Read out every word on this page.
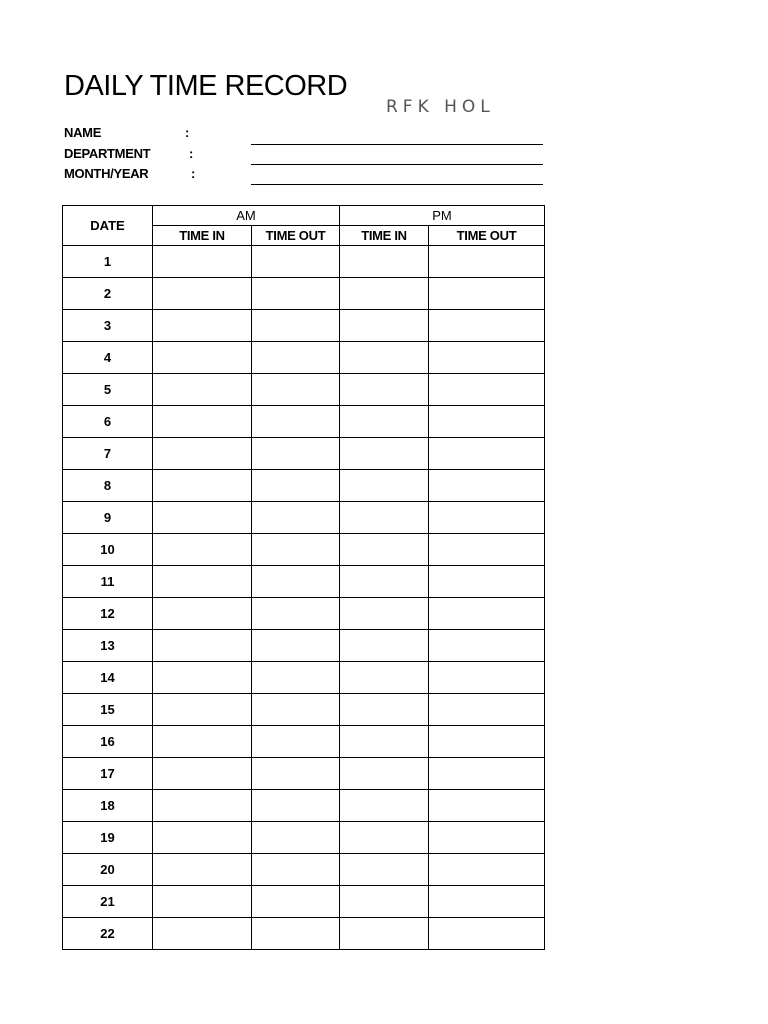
DAILY TIME RECORD
RFK HOL
NAME	:
DEPARTMENT	:
MONTH/YEAR	:
DATE	AM		PM	
	TIME IN	TIME OUT	TIME IN	TIME OUT
1				
2				
3				
4				
5				
6				
7				
8				
9				
10				
11				
12				
13				
14				
15				
16				
17				
18				
19				
20				
21				
22				
